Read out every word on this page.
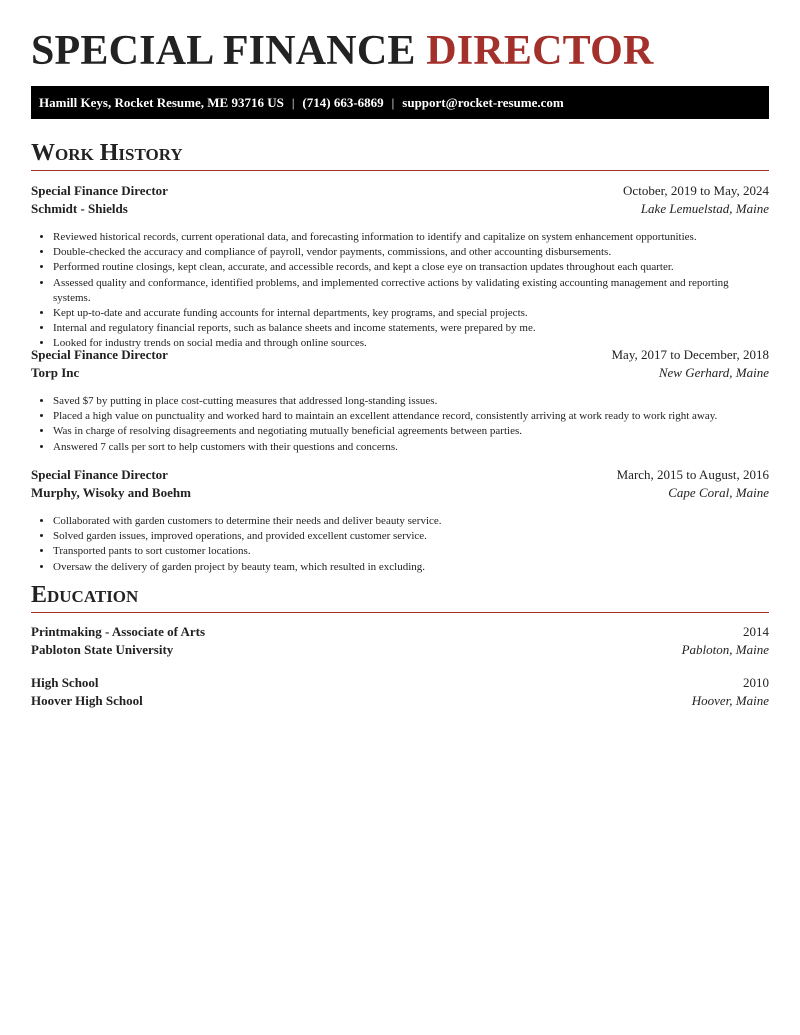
SPECIAL FINANCE DIRECTOR
Hamill Keys, Rocket Resume, ME 93716 US | (714) 663-6869 | support@rocket-resume.com
Work History
Special Finance Director	October, 2019 to May, 2024
Schmidt - Shields	Lake Lemuelstad, Maine
• Reviewed historical records, current operational data, and forecasting information to identify and capitalize on system enhancement opportunities.
• Double-checked the accuracy and compliance of payroll, vendor payments, commissions, and other accounting disbursements.
• Performed routine closings, kept clean, accurate, and accessible records, and kept a close eye on transaction updates throughout each quarter.
• Assessed quality and conformance, identified problems, and implemented corrective actions by validating existing accounting management and reporting systems.
• Kept up-to-date and accurate funding accounts for internal departments, key programs, and special projects.
• Internal and regulatory financial reports, such as balance sheets and income statements, were prepared by me.
• Looked for industry trends on social media and through online sources.
Special Finance Director	May, 2017 to December, 2018
Torp Inc	New Gerhard, Maine
• Saved $7 by putting in place cost-cutting measures that addressed long-standing issues.
• Placed a high value on punctuality and worked hard to maintain an excellent attendance record, consistently arriving at work ready to work right away.
• Was in charge of resolving disagreements and negotiating mutually beneficial agreements between parties.
• Answered 7 calls per sort to help customers with their questions and concerns.
Special Finance Director	March, 2015 to August, 2016
Murphy, Wisoky and Boehm	Cape Coral, Maine
• Collaborated with garden customers to determine their needs and deliver beauty service.
• Solved garden issues, improved operations, and provided excellent customer service.
• Transported pants to sort customer locations.
• Oversaw the delivery of garden project by beauty team, which resulted in excluding.
Education
Printmaking - Associate of Arts	2014
Pabloton State University	Pabloton, Maine
High School	2010
Hoover High School	Hoover, Maine
